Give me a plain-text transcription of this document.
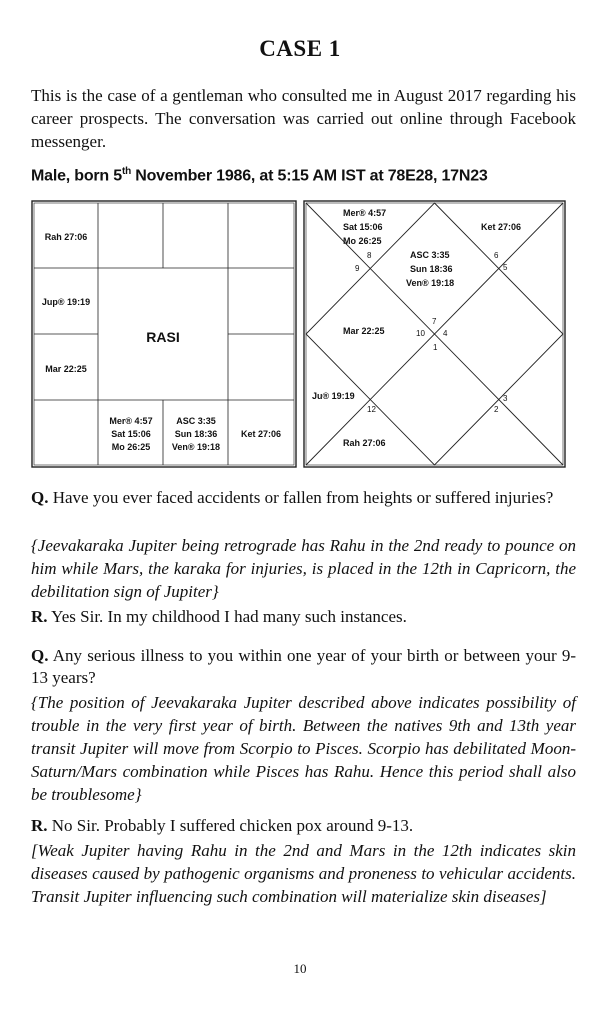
CASE 1
This is the case of a gentleman who consulted me in August 2017 regarding his career prospects. The conversation was carried out online through Facebook messenger.
Male, born 5th November 1986, at 5:15 AM IST at 78E28, 17N23
RASI
Rah 27:06
Jup® 19:19
Mar 22:25
Mer® 4:57
Sat 15:06
Mo 26:25
ASC 3:35
Sun 18:36
Ven® 19:18
Ket 27:06
Mer® 4:57
Sat 15:06
Mo 26:25
ASC 3:35
Sun 18:36
Ven® 19:18
Ket 27:06
Mar 22:25
Ju® 19:19
Rah 27:06
8
9
6
5
7
10 4
1
12	2
3
Q. Have you ever faced accidents or fallen from heights or suffered injuries?
{Jeevakaraka Jupiter being retrograde has Rahu in the 2nd ready to pounce on him while Mars, the karaka for injuries, is placed in the 12th in Capricorn, the debilitation sign of Jupiter}
R. Yes Sir. In my childhood I had many such instances.
Q. Any serious illness to you within one year of your birth or between your 9-13 years?
{The position of Jeevakaraka Jupiter described above indicates possibility of trouble in the very first year of birth. Between the natives 9th and 13th year transit Jupiter will move from Scorpio to Pisces. Scorpio has debilitated Moon-Saturn/Mars combination while Pisces has Rahu. Hence this period shall also be troublesome}
R. No Sir. Probably I suffered chicken pox around 9-13.
[Weak Jupiter having Rahu in the 2nd and Mars in the 12th indicates skin diseases caused by pathogenic organisms and proneness to vehicular accidents. Transit Jupiter influencing such combination will materialize skin diseases]
10
